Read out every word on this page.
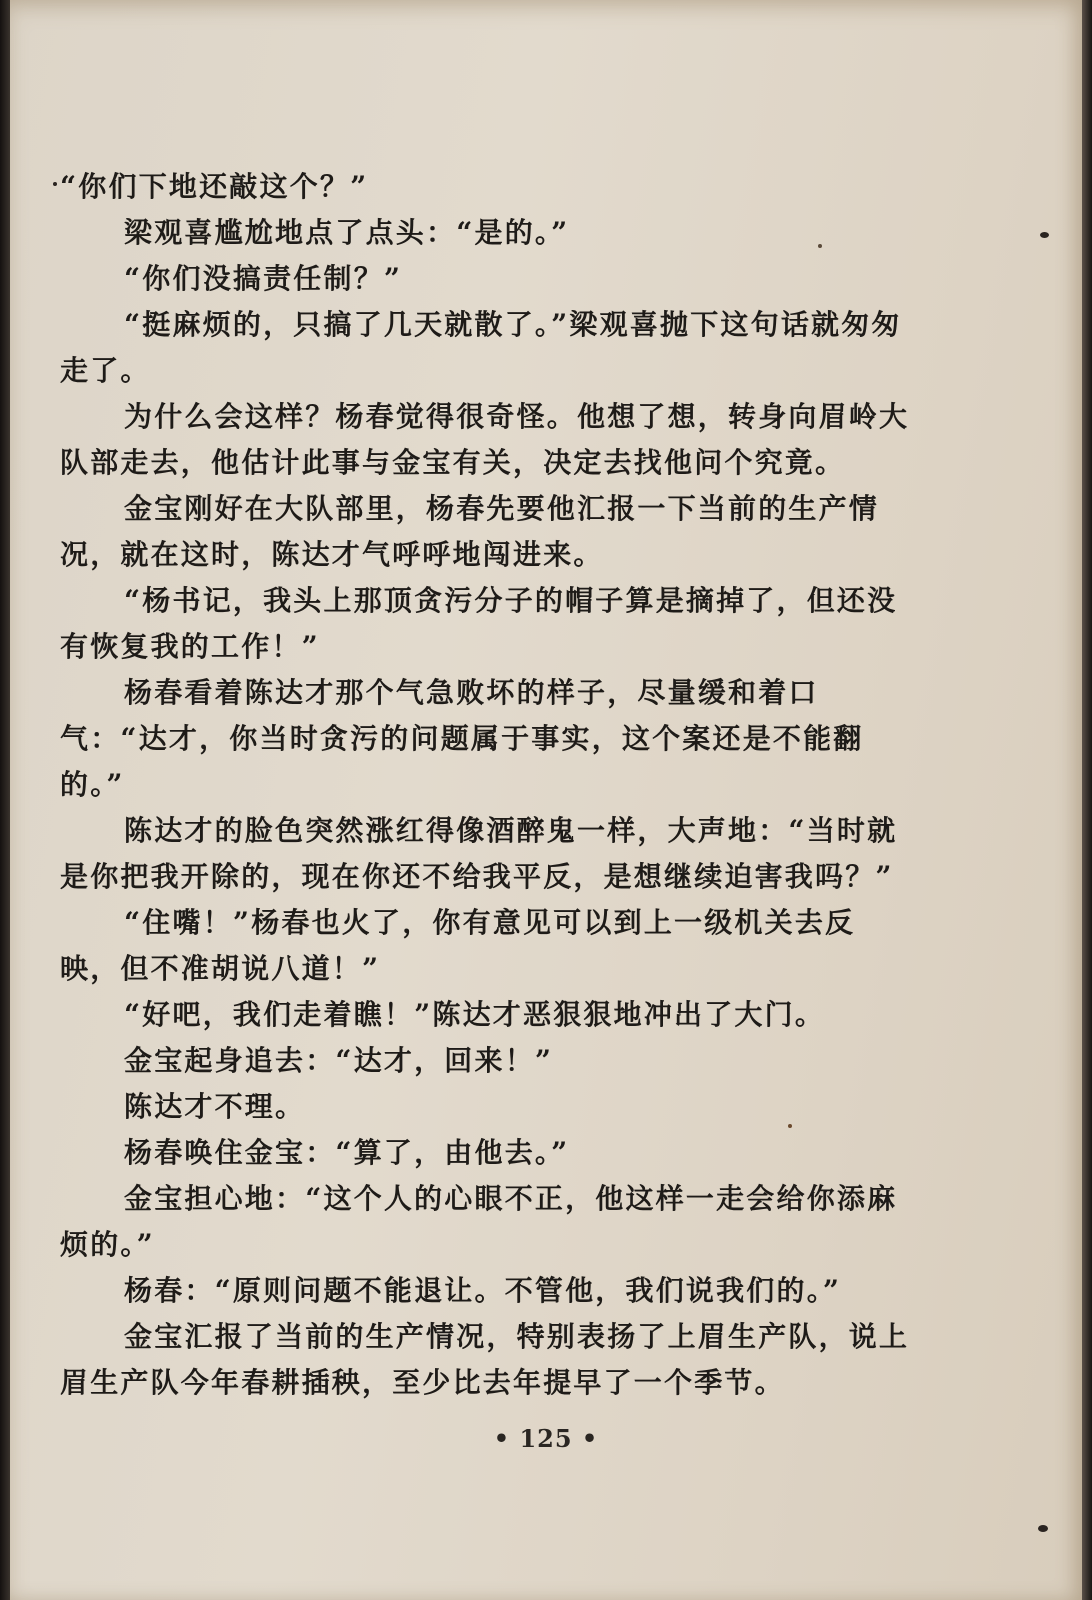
“你们下地还敲这个？”

梁观喜尴尬地点了点头：“是的。”

“你们没搞责任制？”

“挺麻烦的，只搞了几天就散了。”梁观喜抛下这句话就匆匆走了。

为什么会这样？杨春觉得很奇怪。他想了想，转身向眉岭大队部走去，他估计此事与金宝有关，决定去找他问个究竟。

金宝刚好在大队部里，杨春先要他汇报一下当前的生产情况，就在这时，陈达才气呼呼地闯进来。

“杨书记，我头上那顶贪污分子的帽子算是摘掉了，但还没有恢复我的工作！”

杨春看着陈达才那个气急败坏的样子，尽量缓和着口气：“达才，你当时贪污的问题属于事实，这个案还是不能翻的。”

陈达才的脸色突然涨红得像酒醉鬼一样，大声地：“当时就是你把我开除的，现在你还不给我平反，是想继续迫害我吗？”

“住嘴！”杨春也火了，你有意见可以到上一级机关去反映，但不准胡说八道！”

“好吧，我们走着瞧！”陈达才恶狠狠地冲出了大门。

金宝起身追去：“达才，回来！”

陈达才不理。

杨春唤住金宝：“算了，由他去。”

金宝担心地：“这个人的心眼不正，他这样一走会给你添麻烦的。”

杨春：“原则问题不能退让。不管他，我们说我们的。”

金宝汇报了当前的生产情况，特别表扬了上眉生产队，说上眉生产队今年春耕插秧，至少比去年提早了一个季节。

• 125 •
